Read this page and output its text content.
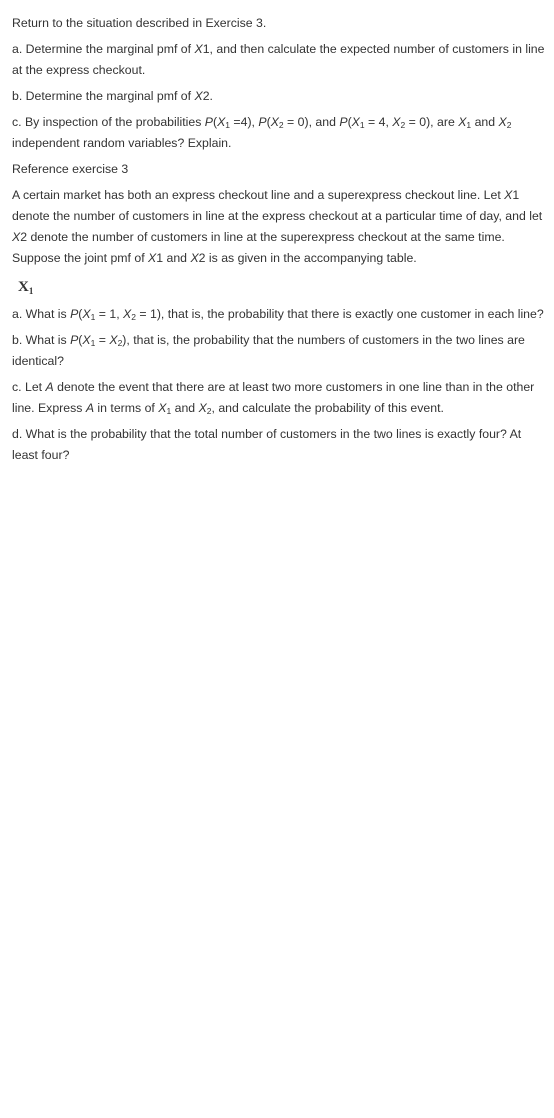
Return to the situation described in Exercise 3.

a. Determine the marginal pmf of X1, and then calculate the expected number of customers in line at the express checkout.

b. Determine the marginal pmf of X2.

c. By inspection of the probabilities $P(X_1 =4)$, $P(X_2 = 0)$, and $P(X_1 = 4$, $X_2 = 0$), are $X_1$ and $X_2$ independent random variables? Explain.

Reference exercise 3

A certain market has both an express checkout line and a superexpress checkout line. Let X1 denote the number of customers in line at the express checkout at a particular time of day, and let X2 denote the number of customers in line at the superexpress checkout at the same time. Suppose the joint pmf of X1 and X2 is as given in the accompanying table.

$X_1$

a. What is $P(X_1 = 1$, $X_2 = 1$), that is, the probability that there is exactly one customer in each line?

b. What is $P(X_1 = X_2)$, that is, the probability that the numbers of customers in the two lines are identical?

c. Let A denote the event that there are at least two more customers in one line than in the other line. Express A in terms of $X_1$ and $X_2$, and calculate the probability of this event.

d. What is the probability that the total number of customers in the two lines is exactly four? At least four?
